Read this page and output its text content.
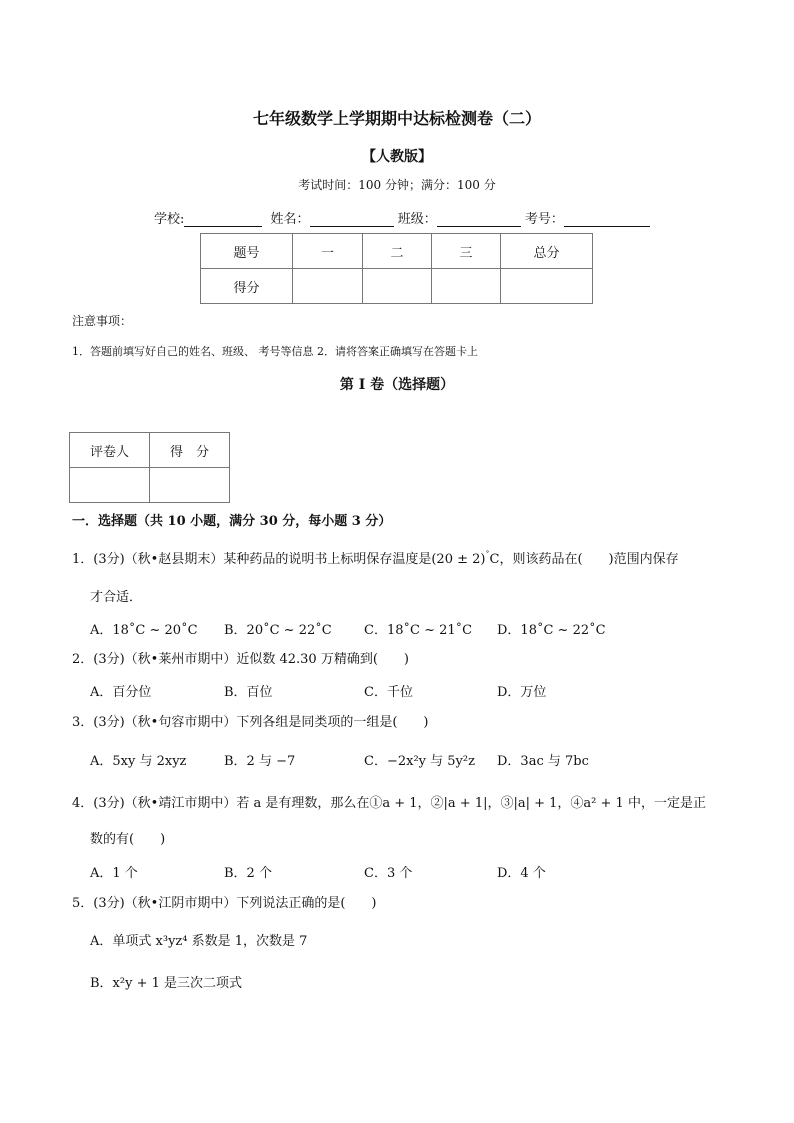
七年级数学上学期期中达标检测卷（二）
【人教版】
考试时间：100 分钟；满分：100 分
学校:	姓名：	班级：	考号：
题号	一	二	三	总分
得分				
注意事项：
1．答题前填写好自己的姓名、班级、 考号等信息 2．请将答案正确填写在答题卡上
第 I 卷（选择题）
评卷人	得　分

一．选择题（共 10 小题，满分 30 分，每小题 3 分）
1．(3分)（秋•赵县期末）某种药品的说明书上标明保存温度是(20 ± 2)˚C，则该药品在(　　)范围内保存
才合适．
A．18˚C ~ 20˚C B．20˚C ~ 22˚C C．18˚C ~ 21˚C D．18˚C ~ 22˚C
2．(3分)（秋•莱州市期中）近似数 42.30 万精确到(　　)
A．百分位	B．百位	C．千位	D．万位
3．(3分)（秋•句容市期中）下列各组是同类项的一组是(　　)
A．5xy 与 2xyz	B．2 与 −7	C．−2x²y 与 5y²z D．3ac 与 7bc
4．(3分)（秋•靖江市期中）若 a 是有理数，那么在①a + 1，②|a + 1|，③|a| + 1，④a² + 1 中，一定是正
数的有(　　)
A．1 个	B．2 个	C．3 个	D．4 个
5．(3分)（秋•江阴市期中）下列说法正确的是(　　)
A．单项式 x³yz⁴ 系数是 1，次数是 7
B．x²y + 1 是三次二项式
